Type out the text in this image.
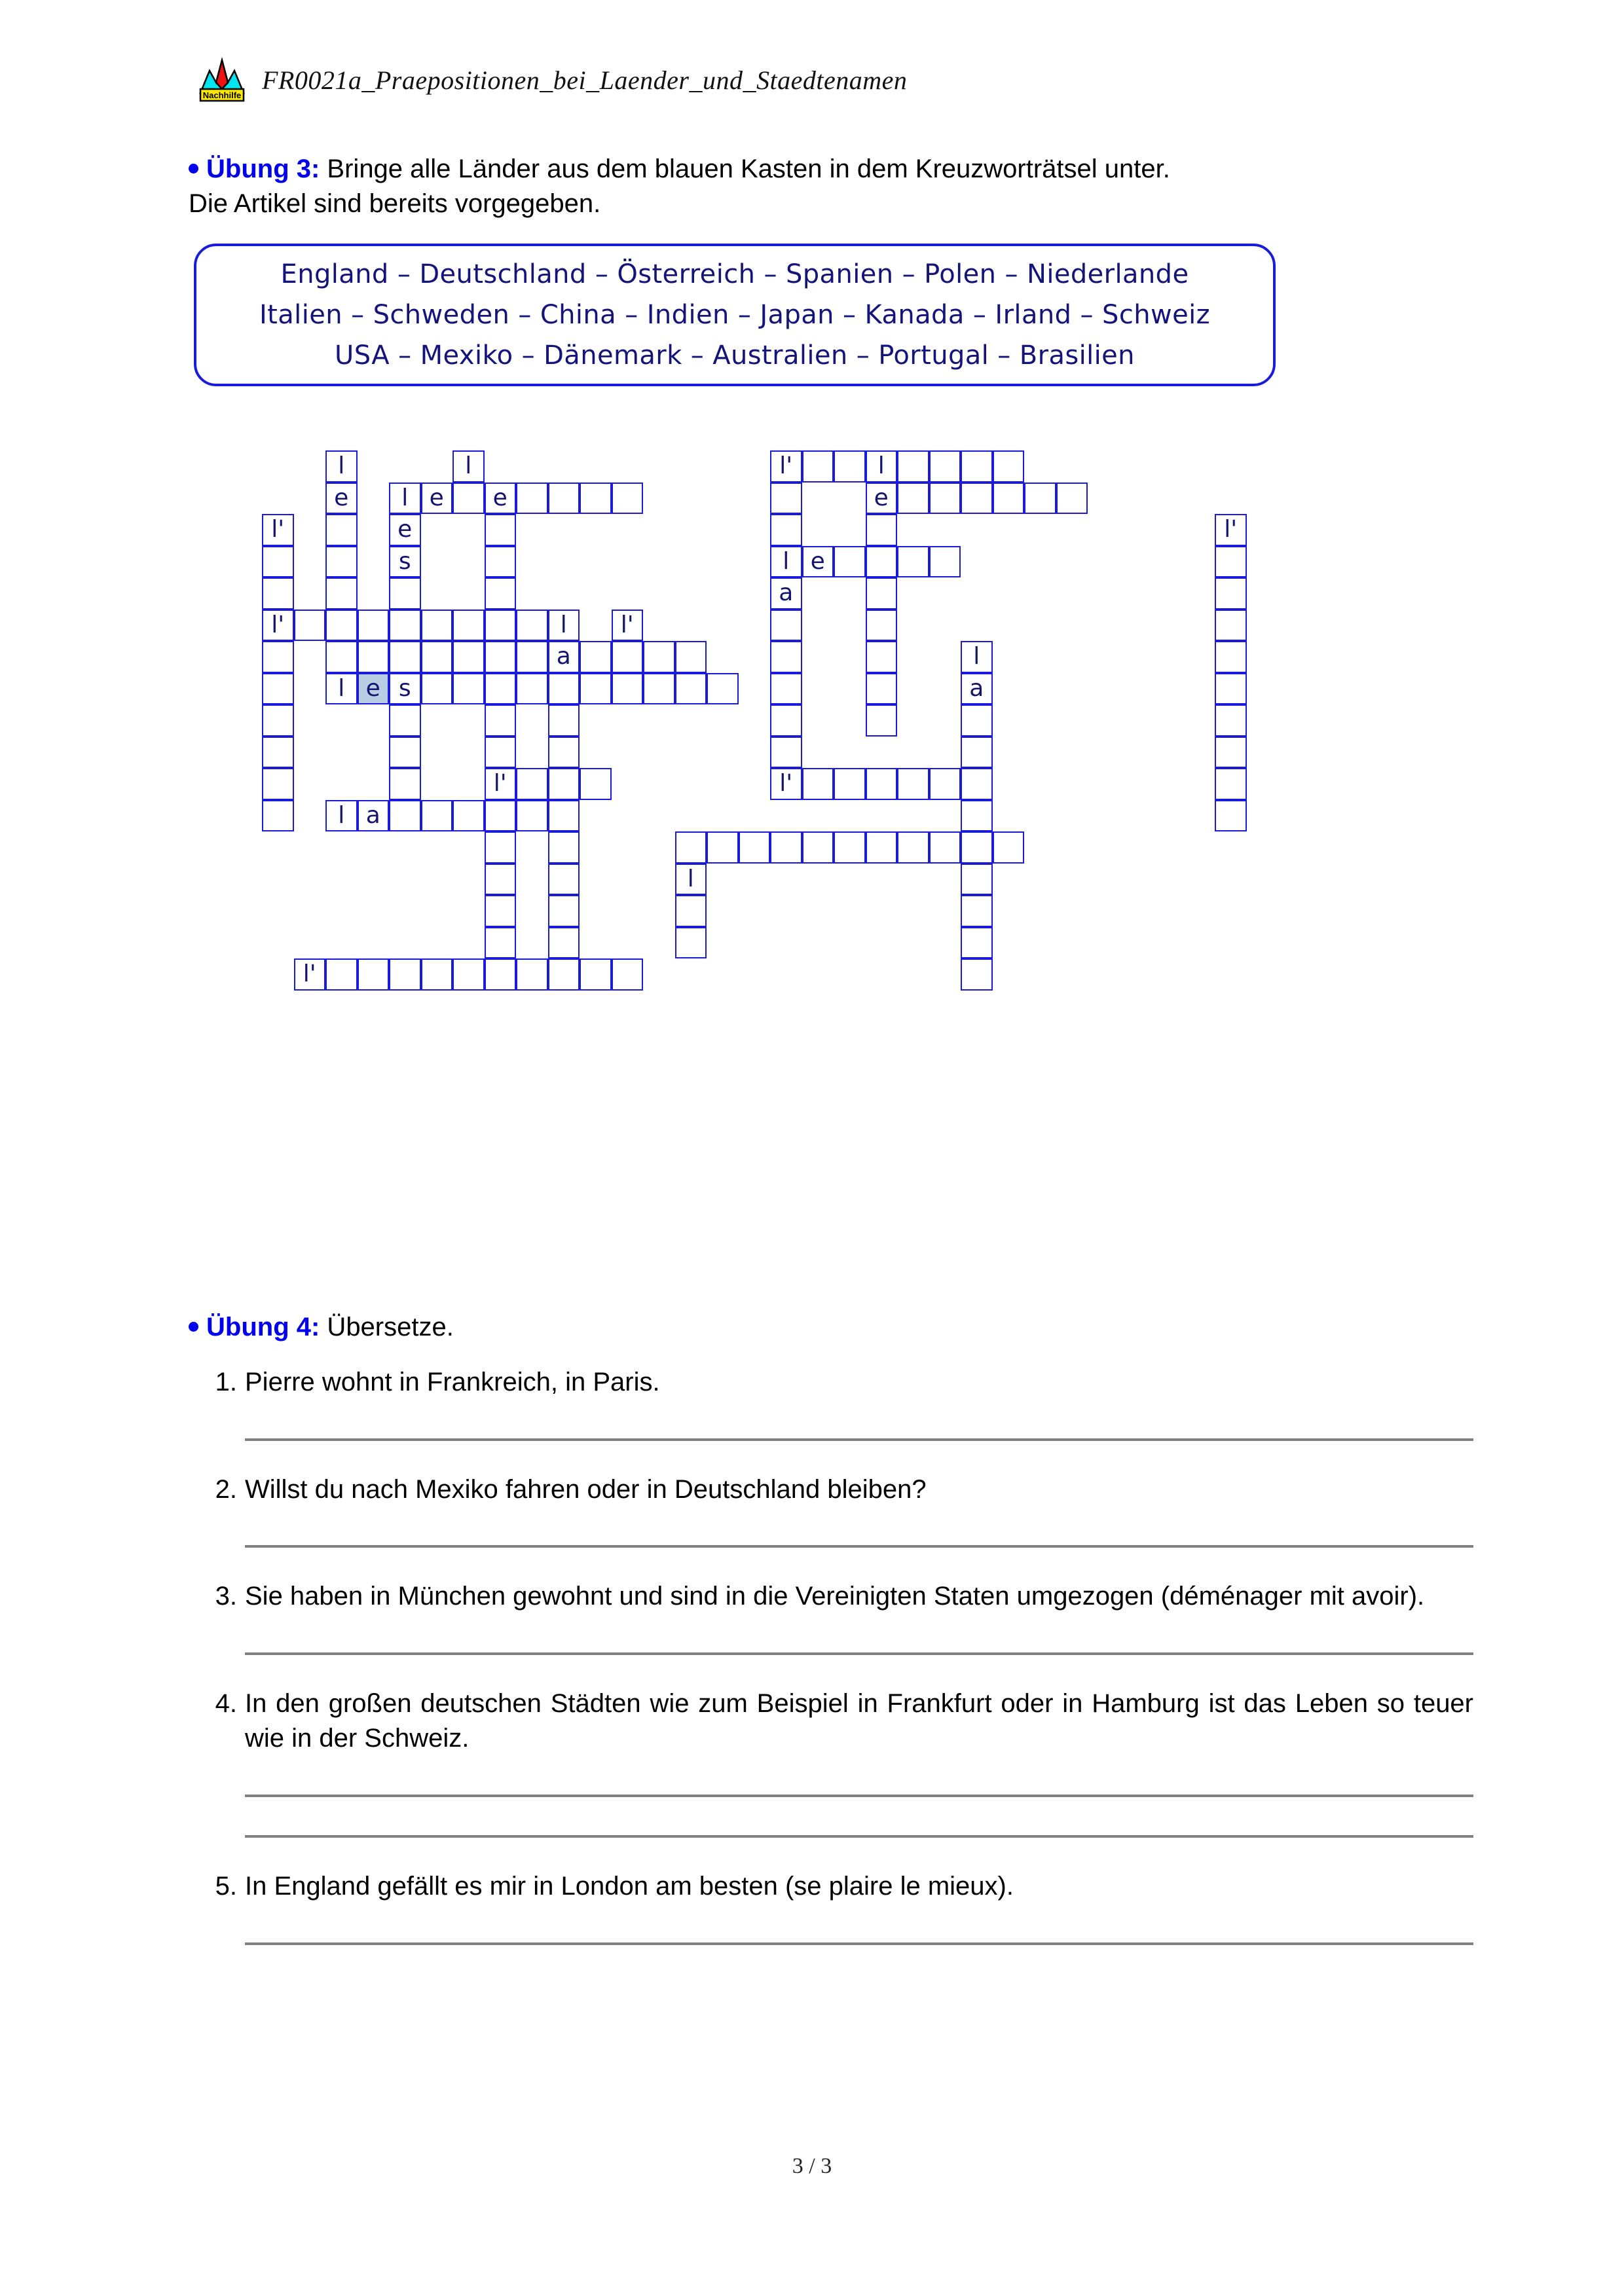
Nachhilfe
FR0021a_Praepositionen_bei_Laender_und_Staedtenamen
Übung 3: Bringe alle Länder aus dem blauen Kasten in dem Kreuzworträtsel unter.
Die Artikel sind bereits vorgegeben.
England – Deutschland – Österreich – Spanien – Polen – Niederlande
Italien – Schweden – China – Indien – Japan – Kanada – Irland – Schweiz
USA – Mexiko – Dänemark – Australien – Portugal – Brasilien
l	l	l'	l
e	l e	e	e
l'	e	l'
s	l e
a
l'	l	l'
a	l
l e s	a
l'	l'
l a
l
l'
Übung 4: Übersetze.
1. Pierre wohnt in Frankreich, in Paris.
2. Willst du nach Mexiko fahren oder in Deutschland bleiben?
3. Sie haben in München gewohnt und sind in die Vereinigten Staten umgezogen (déménager mit avoir).
4. In den großen deutschen Städten wie zum Beispiel in Frankfurt oder in Hamburg ist das Leben so teuer wie in der Schweiz.
5. In England gefällt es mir in London am besten (se plaire le mieux).
3 / 3
